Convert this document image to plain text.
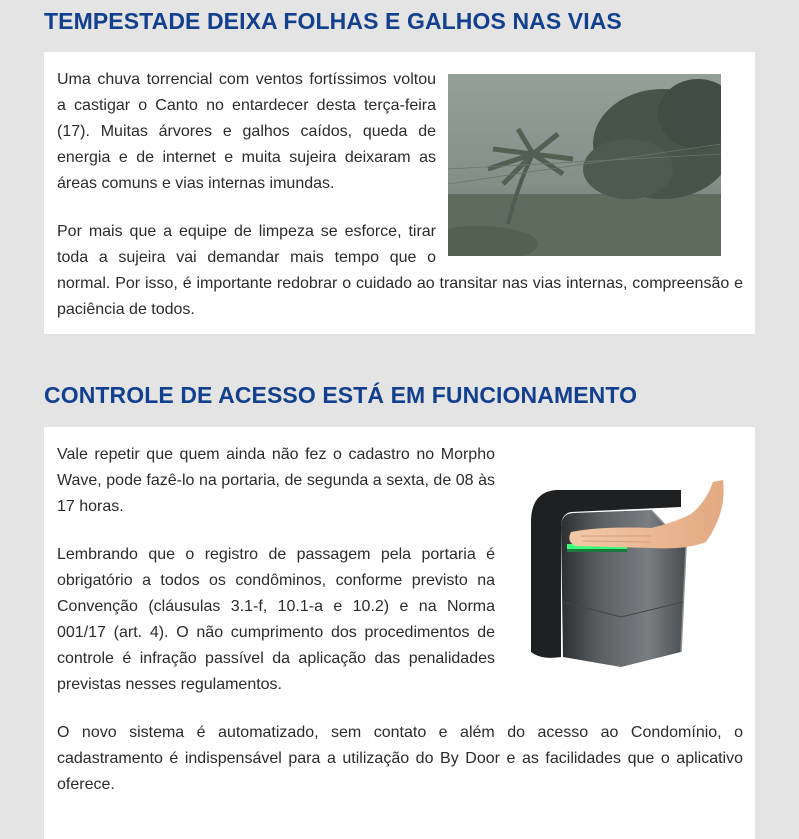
TEMPESTADE DEIXA FOLHAS E GALHOS NAS VIAS

Uma chuva torrencial com ventos fortíssimos voltou a castigar o Canto no entardecer desta terça-feira (17). Muitas árvores e galhos caídos, queda de energia e de internet e muita sujeira deixaram as áreas comuns e vias internas imundas.

Por mais que a equipe de limpeza se esforce, tirar toda a sujeira vai demandar mais tempo que o normal. Por isso, é importante redobrar o cuidado ao transitar nas vias internas, compreensão e paciência de todos.

CONTROLE DE ACESSO ESTÁ EM FUNCIONAMENTO

Vale repetir que quem ainda não fez o cadastro no Morpho Wave, pode fazê-lo na portaria, de segunda a sexta, de 08 às 17 horas.

Lembrando que o registro de passagem pela portaria é obrigatório a todos os condôminos, conforme previsto na Convenção (cláusulas 3.1-f, 10.1-a e 10.2) e na Norma 001/17 (art. 4). O não cumprimento dos procedimentos de controle é infração passível da aplicação das penalidades previstas nesses regulamentos.

O novo sistema é automatizado, sem contato e além do acesso ao Condomínio, o cadastramento é indispensável para a utilização do By Door e as facilidades que o aplicativo oferece.
